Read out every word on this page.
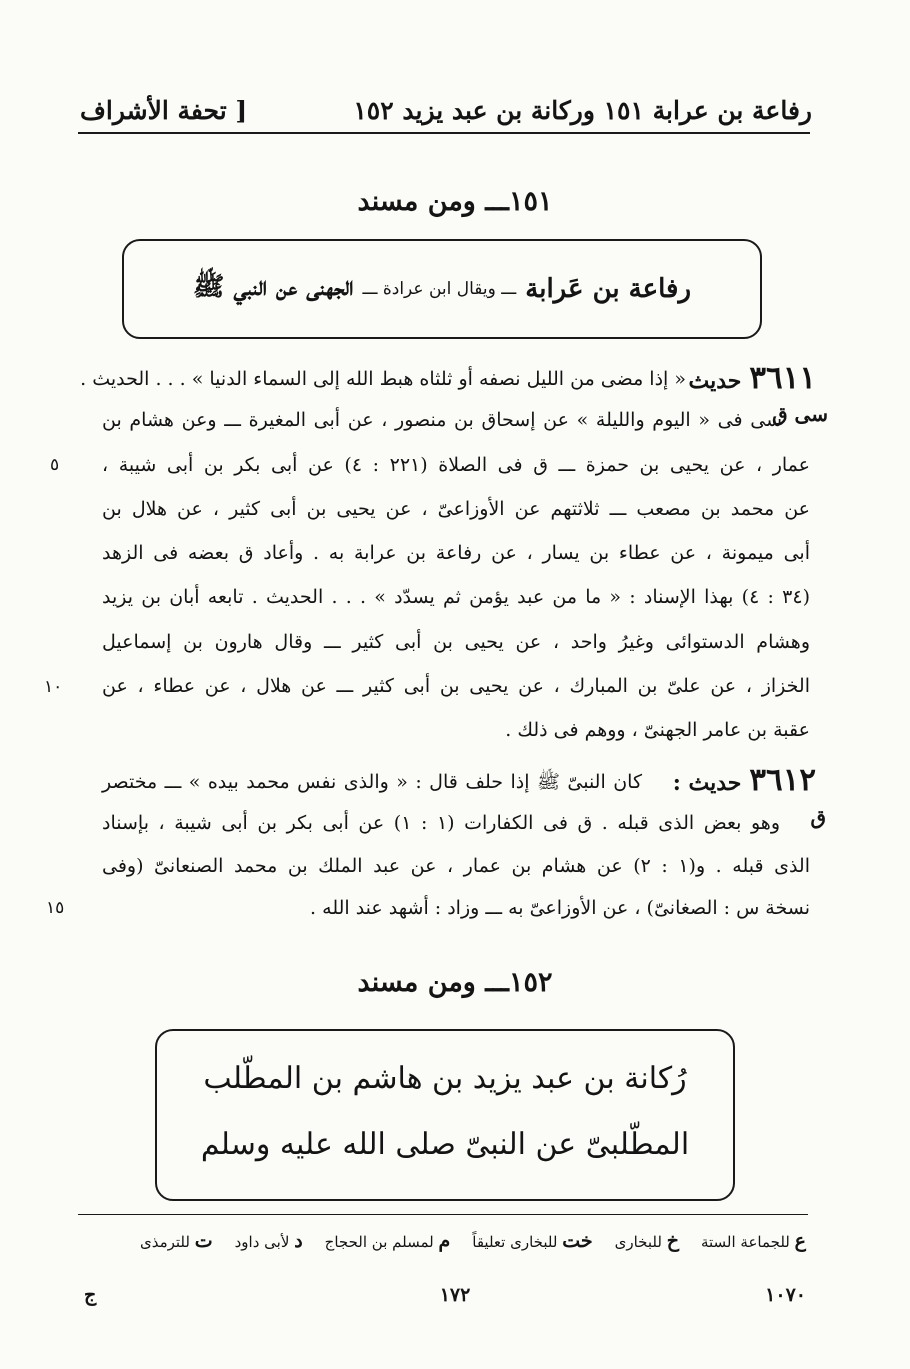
رفاعة بن عرابة ١٥١ وركانة بن عبد يزيد ١٥٢
[ تحفة الأشراف
١٥١ـــ ومن مسند
رفاعة بن عَرابة

ـــ ويقال ابن عرادة ـــ

الجهنى عن النبي ﷺ
٣٦١١
حديث
سى ق
٥
١٠
« إذا مضى من الليل نصفه أو ثلثاه هبط الله إلى السماء الدنيا » . . . الحديث .
سى فى « اليوم والليلة » عن إسحاق بن منصور ، عن أبى المغيرة ـــ وعن هشام بن
عمار ، عن يحيى بن حمزة ـــ ق فى الصلاة (٢٢١ : ٤) عن أبى بكر بن أبى شيبة ،
عن محمد بن مصعب ـــ ثلاثتهم عن الأوزاعىّ ، عن يحيى بن أبى كثير ، عن هلال بن
أبى ميمونة ، عن عطاء بن يسار ، عن رفاعة بن عرابة به . وأعاد ق بعضه فى الزهد
(٣٤ : ٤) بهذا الإسناد : « ما من عبد يؤمن ثم يسدّد » . . . الحديث . تابعه أبان بن يزيد
وهشام الدستوائى وغيرُ واحد ، عن يحيى بن أبى كثير ـــ وقال هارون بن إسماعيل
الخزاز ، عن علىّ بن المبارك ، عن يحيى بن أبى كثير ـــ عن هلال ، عن عطاء ، عن
عقبة بن عامر الجهنىّ ، ووهم فى ذلك .
٣٦١٢
حديث :
ق
١٥
كان النبىّ ﷺ إذا حلف قال : « والذى نفس محمد بيده » ـــ مختصر
وهو بعض الذى قبله . ق فى الكفارات (١ : ١) عن أبى بكر بن أبى شيبة ، بإسناد
الذى قبله . و(١ : ٢) عن هشام بن عمار ، عن عبد الملك بن محمد الصنعانىّ (وفى
نسخة س : الصغانىّ) ، عن الأوزاعىّ به ـــ وزاد : أشهد عند الله .
١٥٢ـــ ومن مسند
رُكانة بن عبد يزيد بن هاشم بن المطّلب
المطّلبىّ عن النبىّ صلى الله عليه وسلم
ع للجماعة الستة
خ للبخارى
خت للبخارى تعليقاً
م لمسلم بن الحجاج
د لأبى داود
ت للترمذى
ج	١٧٢	١٠٧٠
